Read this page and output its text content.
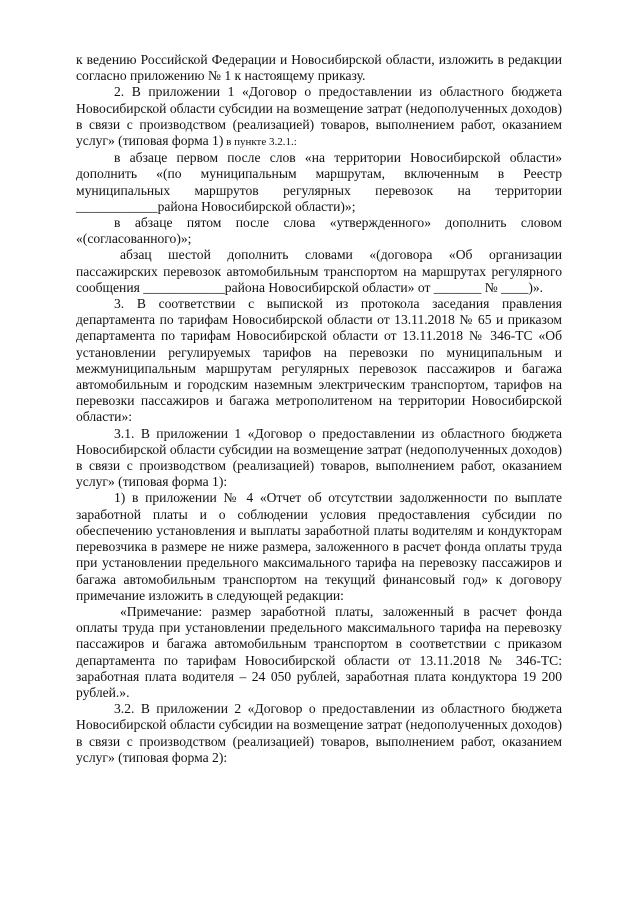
к ведению Российской Федерации и Новосибирской области, изложить в редакции согласно приложению № 1 к настоящему приказу.

2. В приложении 1 «Договор о предоставлении из областного бюджета Новосибирской области субсидии на возмещение затрат (недополученных доходов) в связи с производством (реализацией) товаров, выполнением работ, оказанием услуг» (типовая форма 1) в пункте 3.2.1.:

в абзаце первом после слов «на территории Новосибирской области» дополнить «(по муниципальным маршрутам, включенным в Реестр муниципальных маршрутов регулярных перевозок на территории ____________района Новосибирской области)»;

в абзаце пятом после слова «утвержденного» дополнить словом «(согласованного)»;

абзац шестой дополнить словами «(договора «Об организации пассажирских перевозок автомобильным транспортом на маршрутах регулярного сообщения ____________района Новосибирской области» от _______ № ____)».

3. В соответствии с выпиской из протокола заседания правления департамента по тарифам Новосибирской области от 13.11.2018 № 65 и приказом департамента по тарифам Новосибирской области от 13.11.2018 № 346-ТС «Об установлении регулируемых тарифов на перевозки по муниципальным и межмуниципальным маршрутам регулярных перевозок пассажиров и багажа автомобильным и городским наземным электрическим транспортом, тарифов на перевозки пассажиров и багажа метрополитеном на территории Новосибирской области»:

3.1. В приложении 1 «Договор о предоставлении из областного бюджета Новосибирской области субсидии на возмещение затрат (недополученных доходов) в связи с производством (реализацией) товаров, выполнением работ, оказанием услуг» (типовая форма 1):

1) в приложении № 4 «Отчет об отсутствии задолженности по выплате заработной платы и о соблюдении условия предоставления субсидии по обеспечению установления и выплаты заработной платы водителям и кондукторам перевозчика в размере не ниже размера, заложенного в расчет фонда оплаты труда при установлении предельного максимального тарифа на перевозку пассажиров и багажа автомобильным транспортом на текущий финансовый год» к договору примечание изложить в следующей редакции:

«Примечание: размер заработной платы, заложенный в расчет фонда оплаты труда при установлении предельного максимального тарифа на перевозку пассажиров и багажа автомобильным транспортом в соответствии с приказом департамента по тарифам Новосибирской области от 13.11.2018 № 346-ТС: заработная плата водителя – 24 050 рублей, заработная плата кондуктора 19 200 рублей.».

3.2. В приложении 2 «Договор о предоставлении из областного бюджета Новосибирской области субсидии на возмещение затрат (недополученных доходов) в связи с производством (реализацией) товаров, выполнением работ, оказанием услуг» (типовая форма 2):
